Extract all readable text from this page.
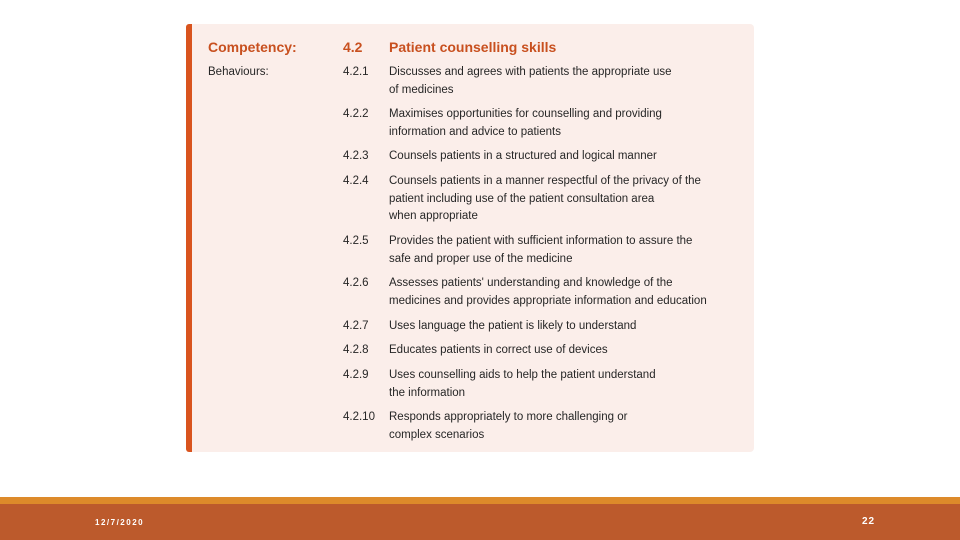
Competency:	4.2 Patient counselling skills
Behaviours:	4.2.1 Discusses and agrees with patients the appropriate use
of medicines
4.2.2 Maximises opportunities for counselling and providing
information and advice to patients
4.2.3 Counsels patients in a structured and logical manner
4.2.4 Counsels patients in a manner respectful of the privacy of the
patient including use of the patient consultation area
when appropriate
4.2.5 Provides the patient with sufficient information to assure the
safe and proper use of the medicine
4.2.6 Assesses patients' understanding and knowledge of the
medicines and provides appropriate information and education
4.2.7 Uses language the patient is likely to understand
4.2.8 Educates patients in correct use of devices
4.2.9 Uses counselling aids to help the patient understand
the information
4.2.10 Responds appropriately to more challenging or
complex scenarios
12/7/2020	22
